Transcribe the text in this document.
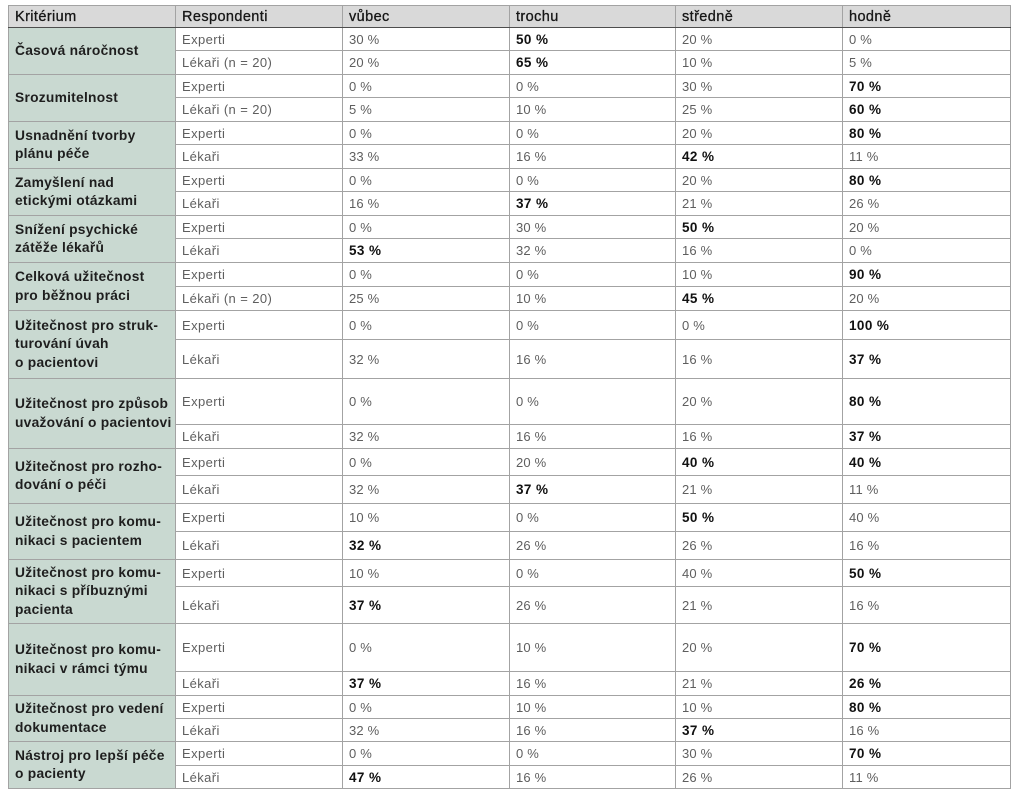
Kritérium	Respondenti	vůbec	trochu	středně	hodně

Časová náročnost	Experti	30 %	50 %	20 %	0 %
	Lékaři (n = 20)	20 %	65 %	10 %	5 %

Srozumitelnost	Experti	0 %	0 %	30 %	70 %
	Lékaři (n = 20)	5 %	10 %	25 %	60 %

Usnadnění tvorby
plánu péče	Experti	0 %	0 %	20 %	80 %
	Lékaři	33 %	16 %	42 %	11 %

Zamyšlení nad
etickými otázkami	Experti	0 %	0 %	20 %	80 %
	Lékaři	16 %	37 %	21 %	26 %

Snížení psychické
zátěže lékařů	Experti	0 %	30 %	50 %	20 %
	Lékaři	53 %	32 %	16 %	0 %

Celková užitečnost
pro běžnou práci	Experti	0 %	0 %	10 %	90 %
	Lékaři (n = 20)	25 %	10 %	45 %	20 %

Užitečnost pro struk-
turování úvah
o pacientovi	Experti	0 %	0 %	0 %	100 %
	Lékaři	32 %	16 %	16 %	37 %

Užitečnost pro způsob
uvažování o pacientovi	Experti	0 %	0 %	20 %	80 %
	Lékaři	32 %	16 %	16 %	37 %

Užitečnost pro rozho-
dování o péči	Experti	0 %	20 %	40 %	40 %
	Lékaři	32 %	37 %	21 %	11 %

Užitečnost pro komu-
nikaci s pacientem	Experti	10 %	0 %	50 %	40 %
	Lékaři	32 %	26 %	26 %	16 %

Užitečnost pro komu-
nikaci s příbuznými
pacienta	Experti	10 %	0 %	40 %	50 %
	Lékaři	37 %	26 %	21 %	16 %

Užitečnost pro komu-
nikaci v rámci týmu	Experti	0 %	10 %	20 %	70 %
	Lékaři	37 %	16 %	21 %	26 %

Užitečnost pro vedení
dokumentace	Experti	0 %	10 %	10 %	80 %
	Lékaři	32 %	16 %	37 %	16 %

Nástroj pro lepší péče
o pacienty	Experti	0 %	0 %	30 %	70 %
	Lékaři	47 %	16 %	26 %	11 %
